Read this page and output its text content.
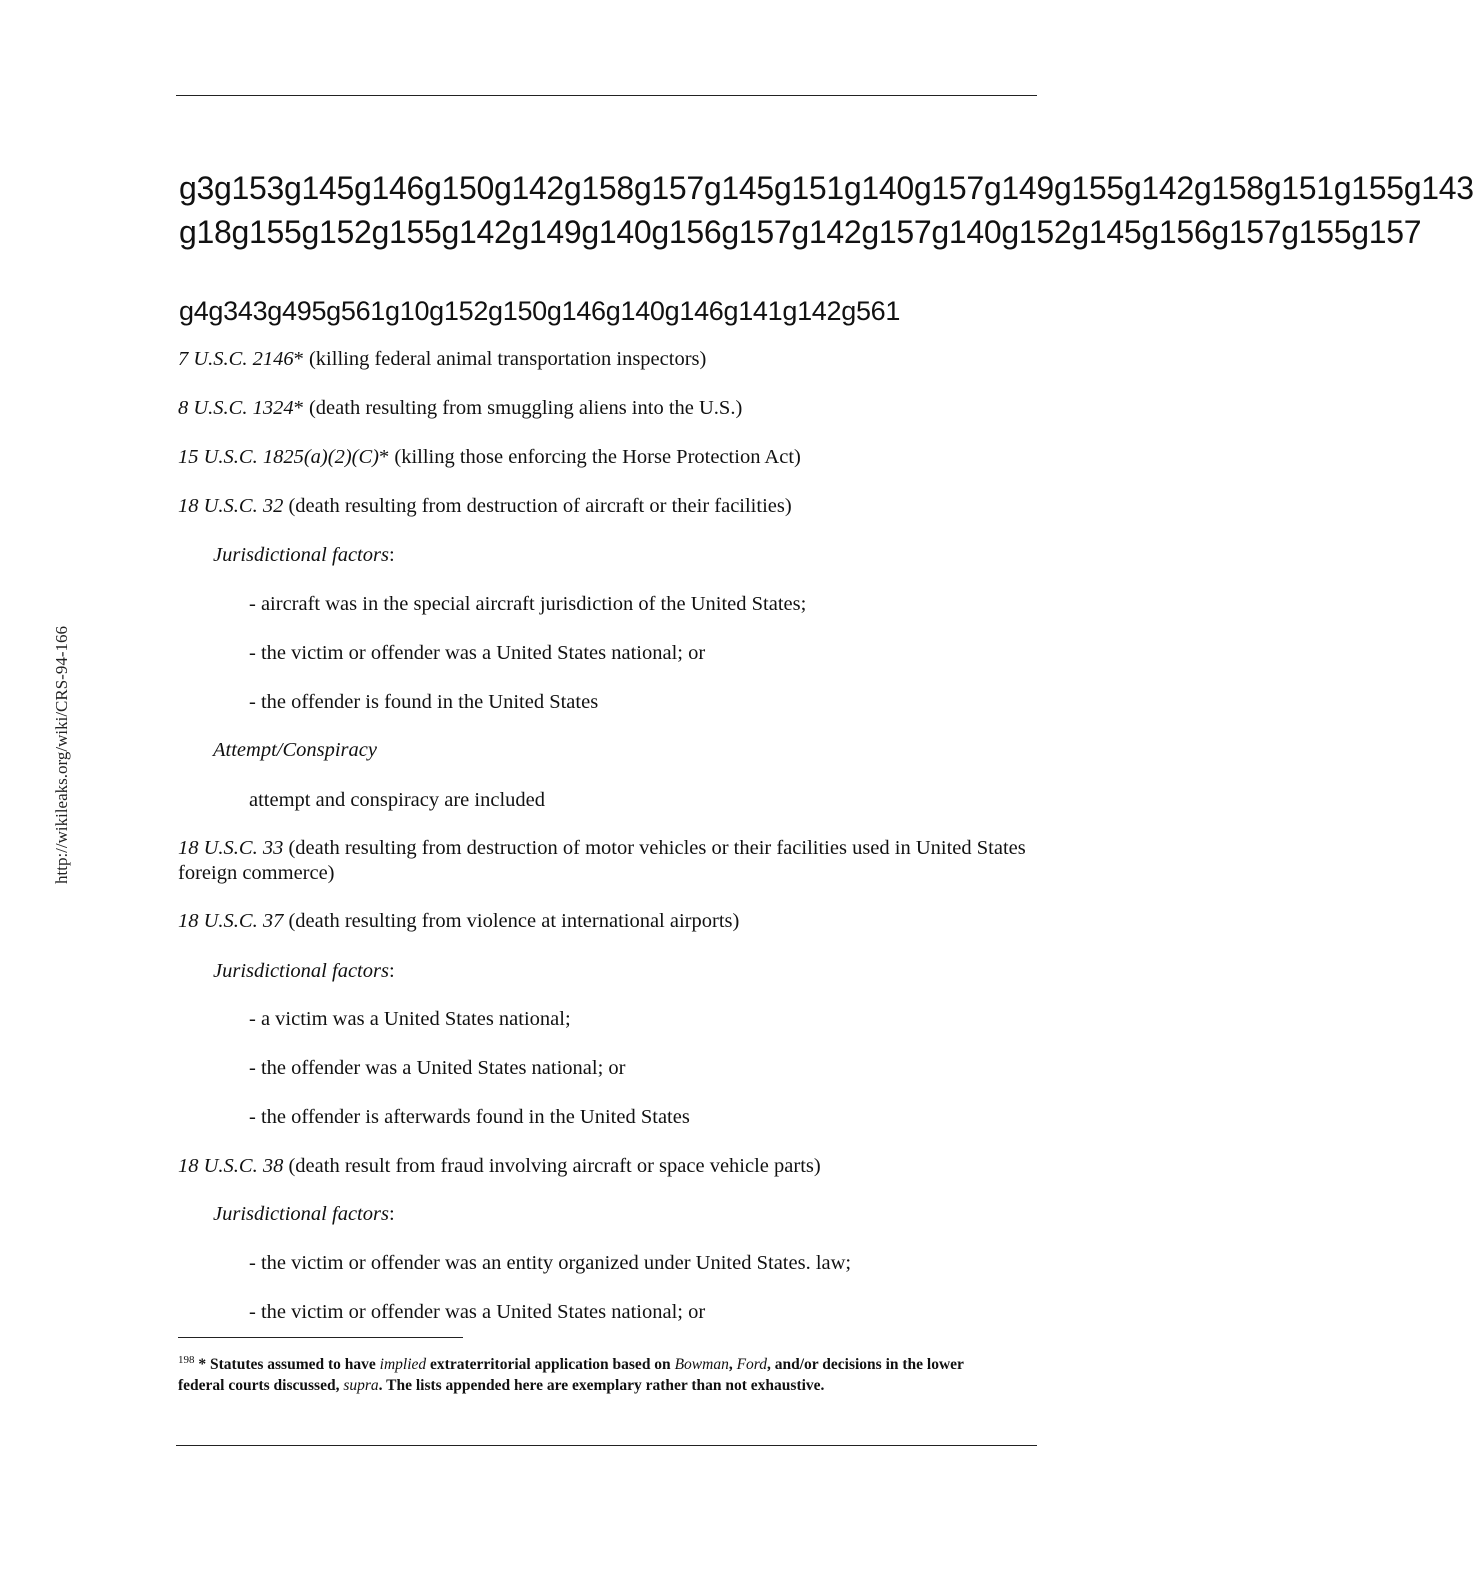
http://wikileaks.org/wiki/CRS-94-166
g3g153g145g146g150g142g158g157g145g151g140g157g149g155g142g158g151g155g143
g18g155g152g155g142g149g140g156g157g142g157g140g152g145g156g157g155g157
g4g343g495g561g10g152g150g146g140g146g141g142g561
7 U.S.C. 2146* (killing federal animal transportation inspectors)
8 U.S.C. 1324* (death resulting from smuggling aliens into the U.S.)
15 U.S.C. 1825(a)(2)(C)* (killing those enforcing the Horse Protection Act)
18 U.S.C. 32 (death resulting from destruction of aircraft or their facilities)
Jurisdictional factors:
- aircraft was in the special aircraft jurisdiction of the United States;
- the victim or offender was a United States national; or
- the offender is found in the United States
Attempt/Conspiracy
attempt and conspiracy are included
18 U.S.C. 33 (death resulting from destruction of motor vehicles or their facilities used in United States foreign commerce)
18 U.S.C. 37 (death resulting from violence at international airports)
Jurisdictional factors:
- a victim was a United States national;
- the offender was a United States national; or
- the offender is afterwards found in the United States
18 U.S.C. 38 (death result from fraud involving aircraft or space vehicle parts)
Jurisdictional factors:
- the victim or offender was an entity organized under United States. law;
- the victim or offender was a United States national; or
$^{198}$ * Statutes assumed to have implied extraterritorial application based on Bowman, Ford, and/or decisions in the lower federal courts discussed, supra. The lists appended here are exemplary rather than not exhaustive.
